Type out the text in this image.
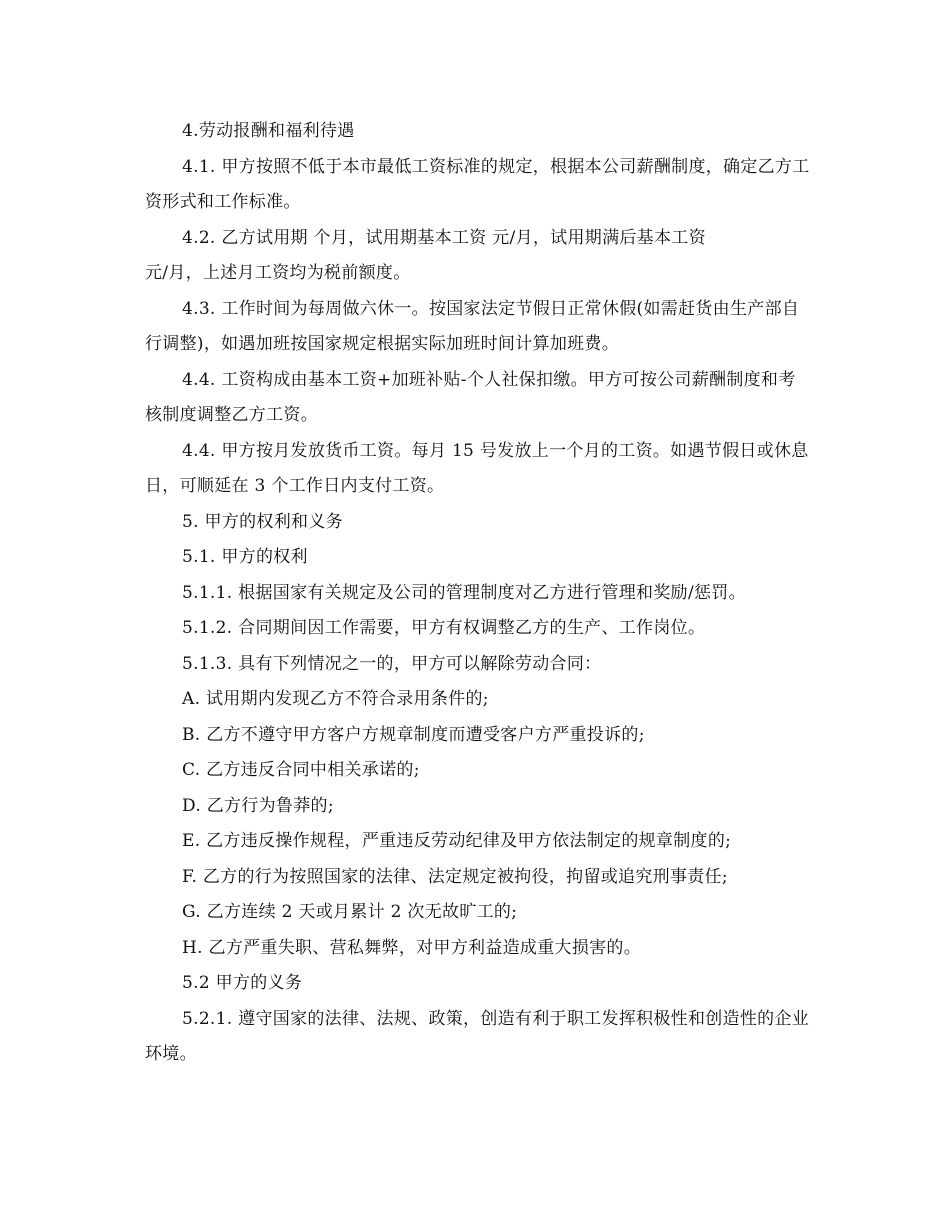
4.劳动报酬和福利待遇

4.1. 甲方按照不低于本市最低工资标准的规定，根据本公司薪酬制度，确定乙方工资形式和工作标准。

4.2. 乙方试用期 个月，试用期基本工资 元/月，试用期满后基本工资

元/月，上述月工资均为税前额度。

4.3. 工作时间为每周做六休一。按国家法定节假日正常休假(如需赶货由生产部自行调整)，如遇加班按国家规定根据实际加班时间计算加班费。

4.4. 工资构成由基本工资+加班补贴-个人社保扣缴。甲方可按公司薪酬制度和考核制度调整乙方工资。

4.4. 甲方按月发放货币工资。每月 15 号发放上一个月的工资。如遇节假日或休息日，可顺延在 3 个工作日内支付工资。

5. 甲方的权利和义务

5.1. 甲方的权利

5.1.1. 根据国家有关规定及公司的管理制度对乙方进行管理和奖励/惩罚。

5.1.2. 合同期间因工作需要，甲方有权调整乙方的生产、工作岗位。

5.1.3. 具有下列情况之一的，甲方可以解除劳动合同：

A. 试用期内发现乙方不符合录用条件的;

B. 乙方不遵守甲方客户方规章制度而遭受客户方严重投诉的;

C. 乙方违反合同中相关承诺的;

D. 乙方行为鲁莽的;

E. 乙方违反操作规程，严重违反劳动纪律及甲方依法制定的规章制度的;

F. 乙方的行为按照国家的法律、法定规定被拘役，拘留或追究刑事责任;

G. 乙方连续 2 天或月累计 2 次无故旷工的;

H. 乙方严重失职、营私舞弊，对甲方利益造成重大损害的。

5.2 甲方的义务

5.2.1. 遵守国家的法律、法规、政策，创造有利于职工发挥积极性和创造性的企业环境。
